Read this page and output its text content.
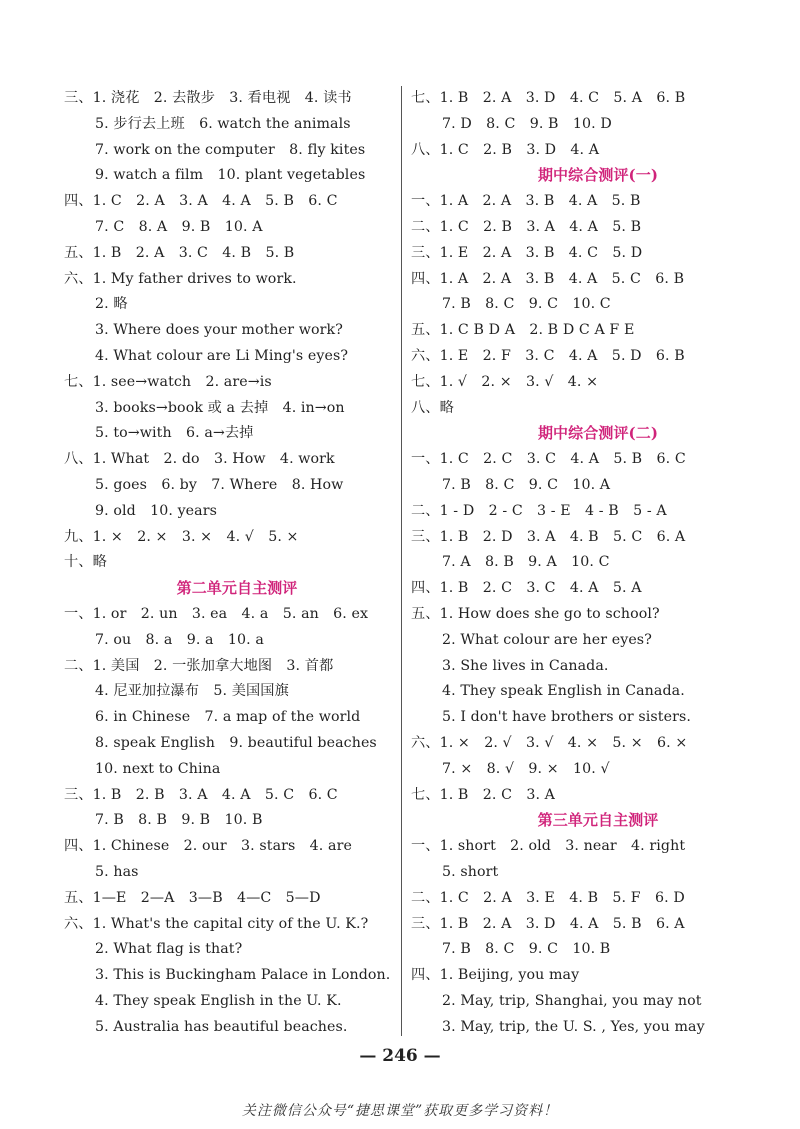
三、1. 浇花　2. 去散步　3. 看电视　4. 读书
5. 步行去上班　6. watch the animals
7. work on the computer　8. fly kites
9. watch a film　10. plant vegetables
四、1. C　2. A　3. A　4. A　5. B　6. C
7. C　8. A　9. B　10. A
五、1. B　2. A　3. C　4. B　5. B
六、1. My father drives to work.
2. 略
3. Where does your mother work?
4. What colour are Li Ming's eyes?
七、1. see→watch　2. are→is
3. books→book 或 a 去掉　4. in→on
5. to→with　6. a→去掉
八、1. What　2. do　3. How　4. work
5. goes　6. by　7. Where　8. How
9. old　10. years
九、1. ×　2. ×　3. ×　4. √　5. ×
十、略
第二单元自主测评
一、1. or　2. un　3. ea　4. a　5. an　6. ex
7. ou　8. a　9. a　10. a
二、1. 美国　2. 一张加拿大地图　3. 首都
4. 尼亚加拉瀑布　5. 美国国旗
6. in Chinese　7. a map of the world
8. speak English　9. beautiful beaches
10. next to China
三、1. B　2. B　3. A　4. A　5. C　6. C
7. B　8. B　9. B　10. B
四、1. Chinese　2. our　3. stars　4. are
5. has
五、1—E　2—A　3—B　4—C　5—D
六、1. What's the capital city of the U. K.?
2. What flag is that?
3. This is Buckingham Palace in London.
4. They speak English in the U. K.
5. Australia has beautiful beaches.
七、1. B　2. A　3. D　4. C　5. A　6. B
7. D　8. C　9. B　10. D
八、1. C　2. B　3. D　4. A
期中综合测评(一)
一、1. A　2. A　3. B　4. A　5. B
二、1. C　2. B　3. A　4. A　5. B
三、1. E　2. A　3. B　4. C　5. D
四、1. A　2. A　3. B　4. A　5. C　6. B
7. B　8. C　9. C　10. C
五、1. C B D A　2. B D C A F E
六、1. E　2. F　3. C　4. A　5. D　6. B
七、1. √　2. ×　3. √　4. ×
八、略
期中综合测评(二)
一、1. C　2. C　3. C　4. A　5. B　6. C
7. B　8. C　9. C　10. A
二、1 - D　2 - C　3 - E　4 - B　5 - A
三、1. B　2. D　3. A　4. B　5. C　6. A
7. A　8. B　9. A　10. C
四、1. B　2. C　3. C　4. A　5. A
五、1. How does she go to school?
2. What colour are her eyes?
3. She lives in Canada.
4. They speak English in Canada.
5. I don't have brothers or sisters.
六、1. ×　2. √　3. √　4. ×　5. ×　6. ×
7. ×　8. √　9. ×　10. √
七、1. B　2. C　3. A
第三单元自主测评
一、1. short　2. old　3. near　4. right
5. short
二、1. C　2. A　3. E　4. B　5. F　6. D
三、1. B　2. A　3. D　4. A　5. B　6. A
7. B　8. C　9. C　10. B
四、1. Beijing, you may
2. May, trip, Shanghai, you may not
3. May, trip, the U. S. , Yes, you may
— 246 —
关注微信公众号“捷思课堂”获取更多学习资料！
